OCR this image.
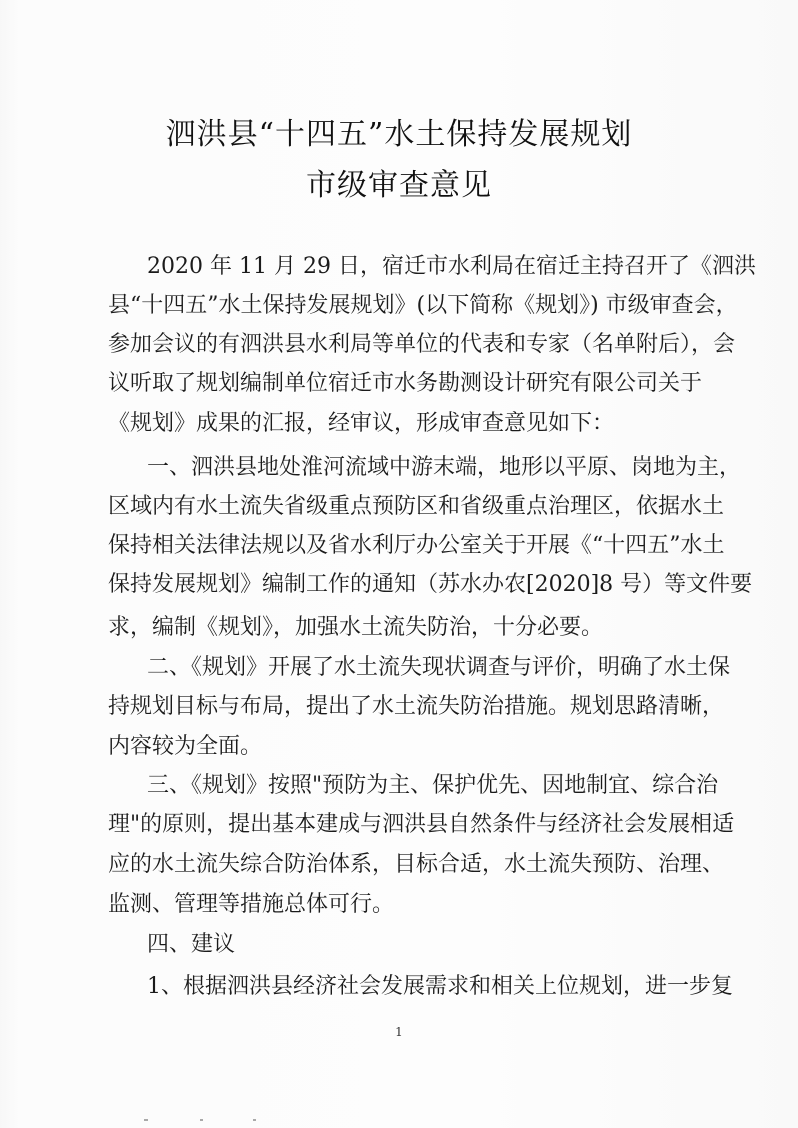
泗洪县“十四五”水土保持发展规划
市级审查意见
2020 年 11 月 29 日，宿迁市水利局在宿迁主持召开了《泗洪
县“十四五”水土保持发展规划》(以下简称《规划》) 市级审查会，
参加会议的有泗洪县水利局等单位的代表和专家（名单附后），会
议听取了规划编制单位宿迁市水务勘测设计研究有限公司关于
《规划》成果的汇报，经审议，形成审查意见如下：
一、泗洪县地处淮河流域中游末端，地形以平原、岗地为主，
区域内有水土流失省级重点预防区和省级重点治理区，依据水土
保持相关法律法规以及省水利厅办公室关于开展《“十四五”水土
保持发展规划》编制工作的通知（苏水办农[2020]8 号）等文件要
求，编制《规划》，加强水土流失防治，十分必要。
二、《规划》开展了水土流失现状调查与评价，明确了水土保
持规划目标与布局，提出了水土流失防治措施。规划思路清晰，
内容较为全面。
三、《规划》按照"预防为主、保护优先、因地制宜、综合治
理"的原则，提出基本建成与泗洪县自然条件与经济社会发展相适
应的水土流失综合防治体系，目标合适，水土流失预防、治理、
监测、管理等措施总体可行。
四、建议
1、根据泗洪县经济社会发展需求和相关上位规划，进一步复
1
